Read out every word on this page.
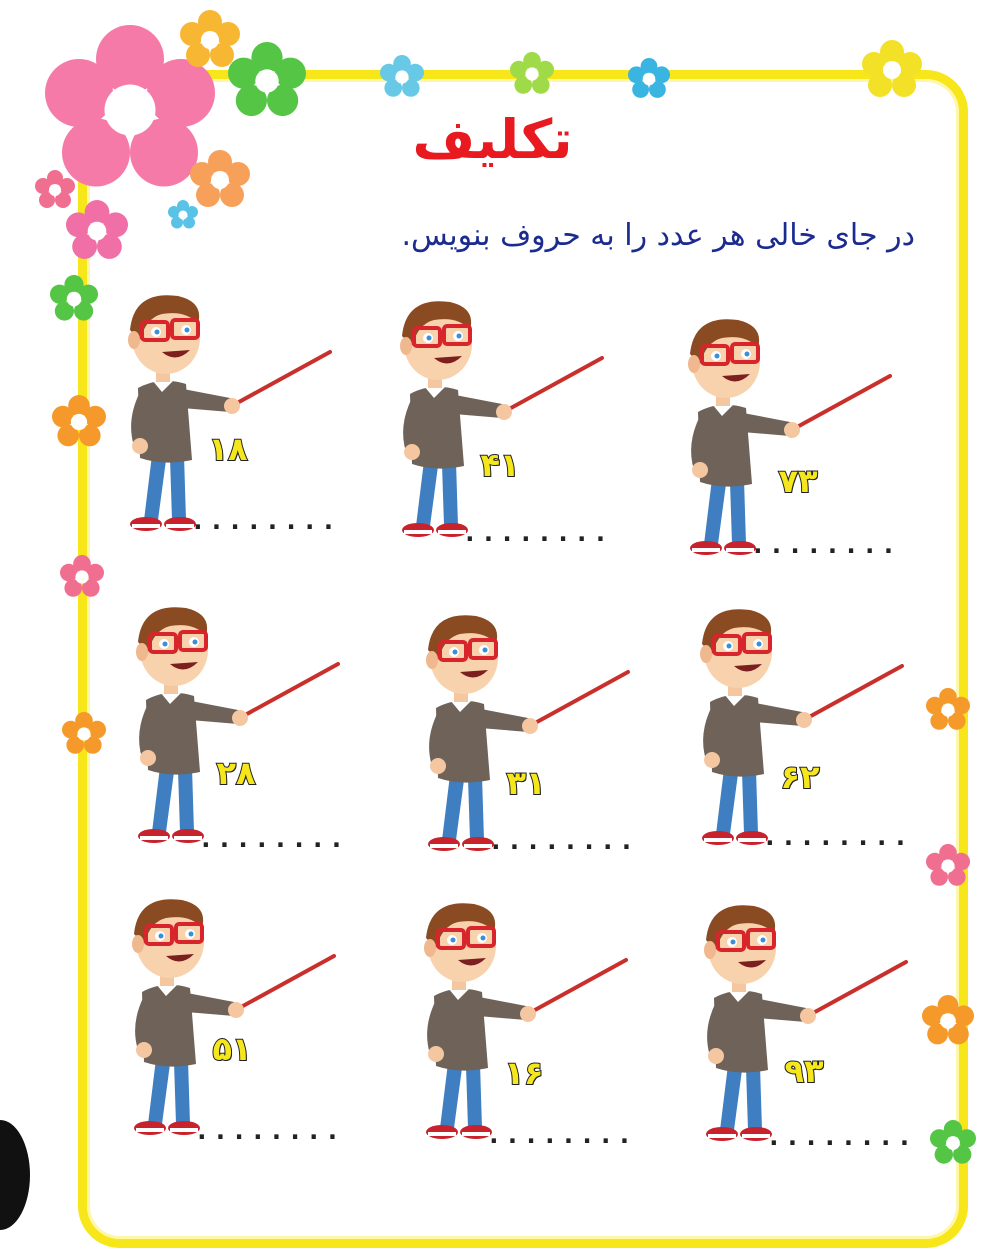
تکلیف
در جای خالی هر عدد را به حروف بنویس.
۱۸
........
۴۱
........
۷۳
........
۲۸
........
۳۱
........
۶۲
........
۵۱
........
۱۶
........
۹۳
........
